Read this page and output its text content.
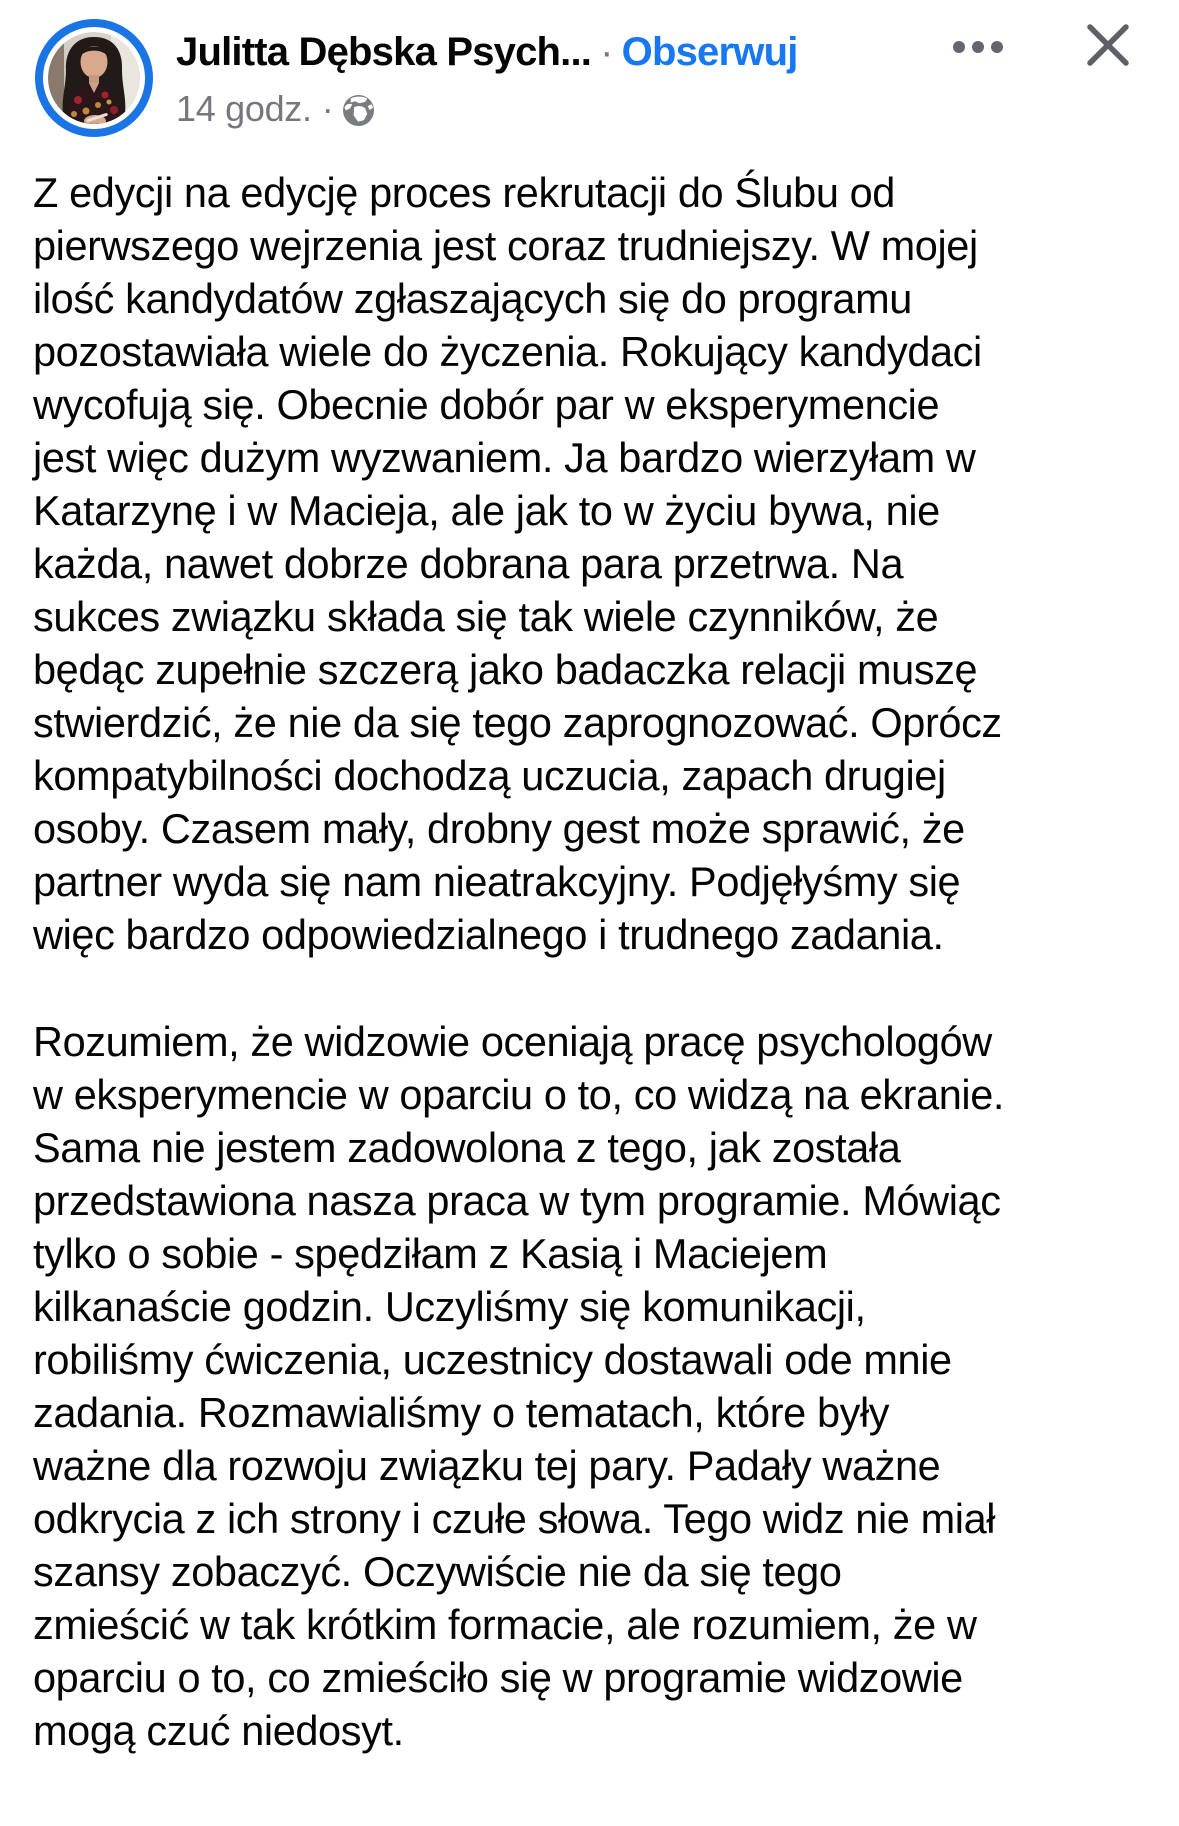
Julitta Dębska Psych... · Obserwuj
14 godz. ·
Z edycji na edycję proces rekrutacji do Ślubu od
pierwszego wejrzenia jest coraz trudniejszy. W mojej
ilość kandydatów zgłaszających się do programu
pozostawiała wiele do życzenia. Rokujący kandydaci
wycofują się. Obecnie dobór par w eksperymencie
jest więc dużym wyzwaniem. Ja bardzo wierzyłam w
Katarzynę i w Macieja, ale jak to w życiu bywa, nie
każda, nawet dobrze dobrana para przetrwa. Na
sukces związku składa się tak wiele czynników, że
będąc zupełnie szczerą jako badaczka relacji muszę
stwierdzić, że nie da się tego zaprognozować. Oprócz
kompatybilności dochodzą uczucia, zapach drugiej
osoby. Czasem mały, drobny gest może sprawić, że
partner wyda się nam nieatrakcyjny. Podjęłyśmy się
więc bardzo odpowiedzialnego i trudnego zadania.
Rozumiem, że widzowie oceniają pracę psychologów
w eksperymencie w oparciu o to, co widzą na ekranie.
Sama nie jestem zadowolona z tego, jak została
przedstawiona nasza praca w tym programie. Mówiąc
tylko o sobie - spędziłam z Kasią i Maciejem
kilkanaście godzin. Uczyliśmy się komunikacji,
robiliśmy ćwiczenia, uczestnicy dostawali ode mnie
zadania. Rozmawialiśmy o tematach, które były
ważne dla rozwoju związku tej pary. Padały ważne
odkrycia z ich strony i czułe słowa. Tego widz nie miał
szansy zobaczyć. Oczywiście nie da się tego
zmieścić w tak krótkim formacie, ale rozumiem, że w
oparciu o to, co zmieściło się w programie widzowie
mogą czuć niedosyt.
